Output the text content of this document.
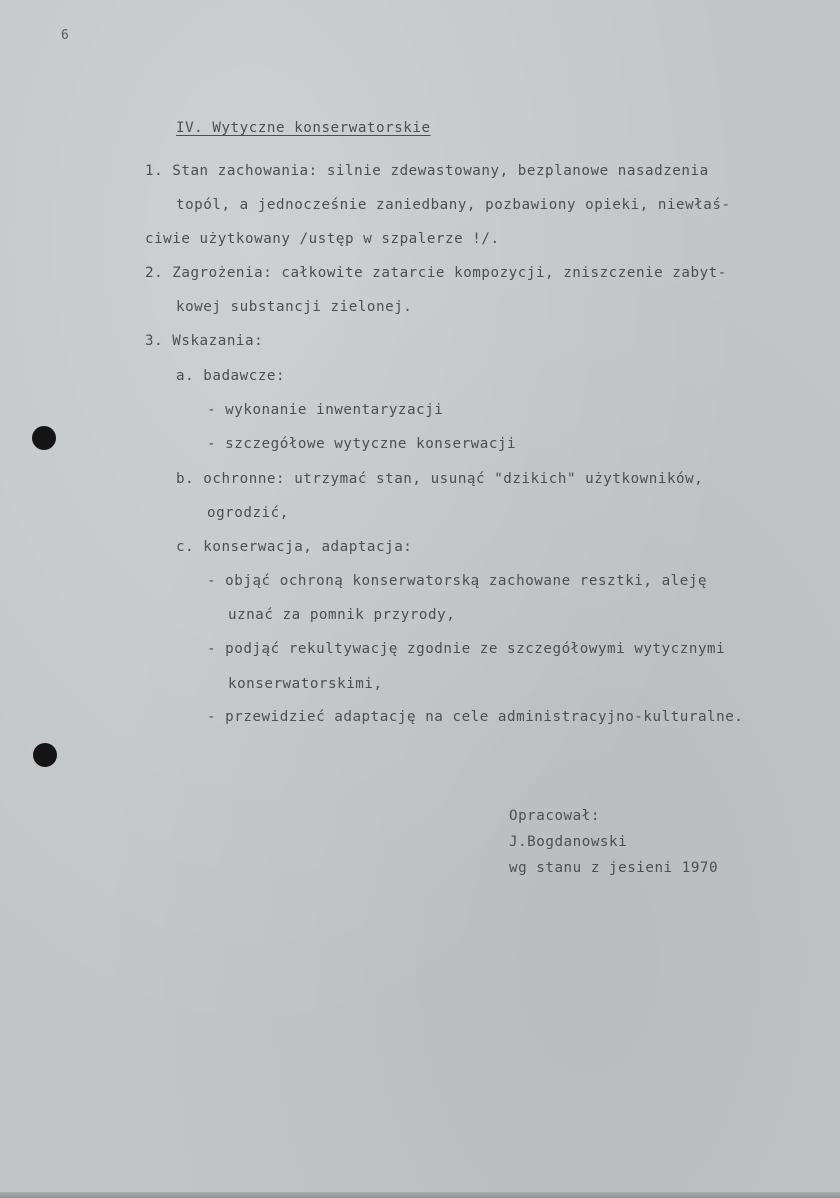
6
IV. Wytyczne konserwatorskie
1. Stan zachowania: silnie zdewastowany, bezplanowe nasadzenia
topól, a jednocześnie zaniedbany, pozbawiony opieki, niewłaś-
ciwie użytkowany /ustęp w szpalerze !/.
2. Zagrożenia: całkowite zatarcie kompozycji, zniszczenie zabyt-
kowej substancji zielonej.
3. Wskazania:
a. badawcze:
- wykonanie inwentaryzacji
- szczegółowe wytyczne konserwacji
b. ochronne: utrzymać stan, usunąć "dzikich" użytkowników,
ogrodzić,
c. konserwacja, adaptacja:
- objąć ochroną konserwatorską zachowane resztki, aleję
uznać za pomnik przyrody,
- podjąć rekultywację zgodnie ze szczegółowymi wytycznymi
konserwatorskimi,
- przewidzieć adaptację na cele administracyjno-kulturalne.
Opracował:
J.Bogdanowski
wg stanu z jesieni 1970
